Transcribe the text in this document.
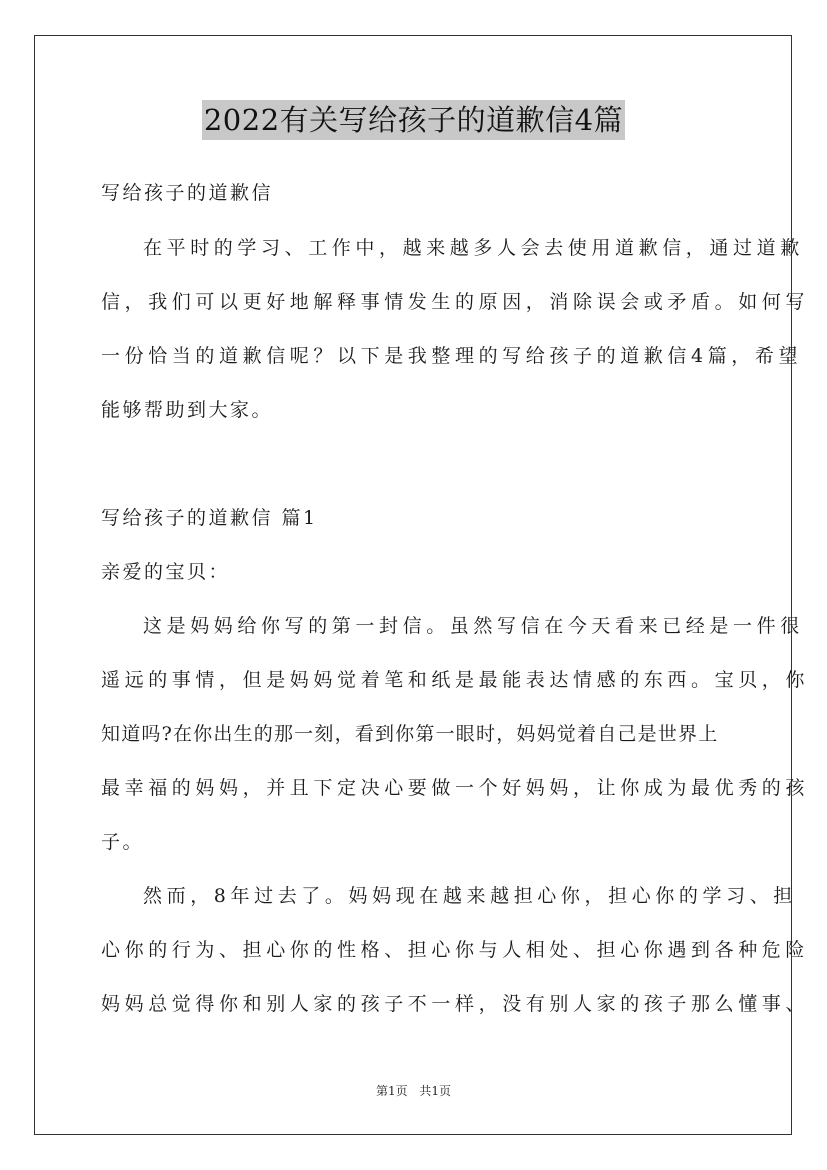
2022有关写给孩子的道歉信4篇
写给孩子的道歉信
在平时的学习、工作中，越来越多人会去使用道歉信，通过道歉
信，我们可以更好地解释事情发生的原因，消除误会或矛盾。如何写
一份恰当的道歉信呢？以下是我整理的写给孩子的道歉信4篇，希望
能够帮助到大家。
写给孩子的道歉信 篇1
亲爱的宝贝：
这是妈妈给你写的第一封信。虽然写信在今天看来已经是一件很
遥远的事情，但是妈妈觉着笔和纸是最能表达情感的东西。宝贝，你
知道吗?在你出生的那一刻，看到你第一眼时，妈妈觉着自己是世界上
最幸福的妈妈，并且下定决心要做一个好妈妈，让你成为最优秀的孩
子。
然而，8年过去了。妈妈现在越来越担心你，担心你的学习、担
心你的行为、担心你的性格、担心你与人相处、担心你遇到各种危险
妈妈总觉得你和别人家的孩子不一样，没有别人家的孩子那么懂事、
第1页 共1页
